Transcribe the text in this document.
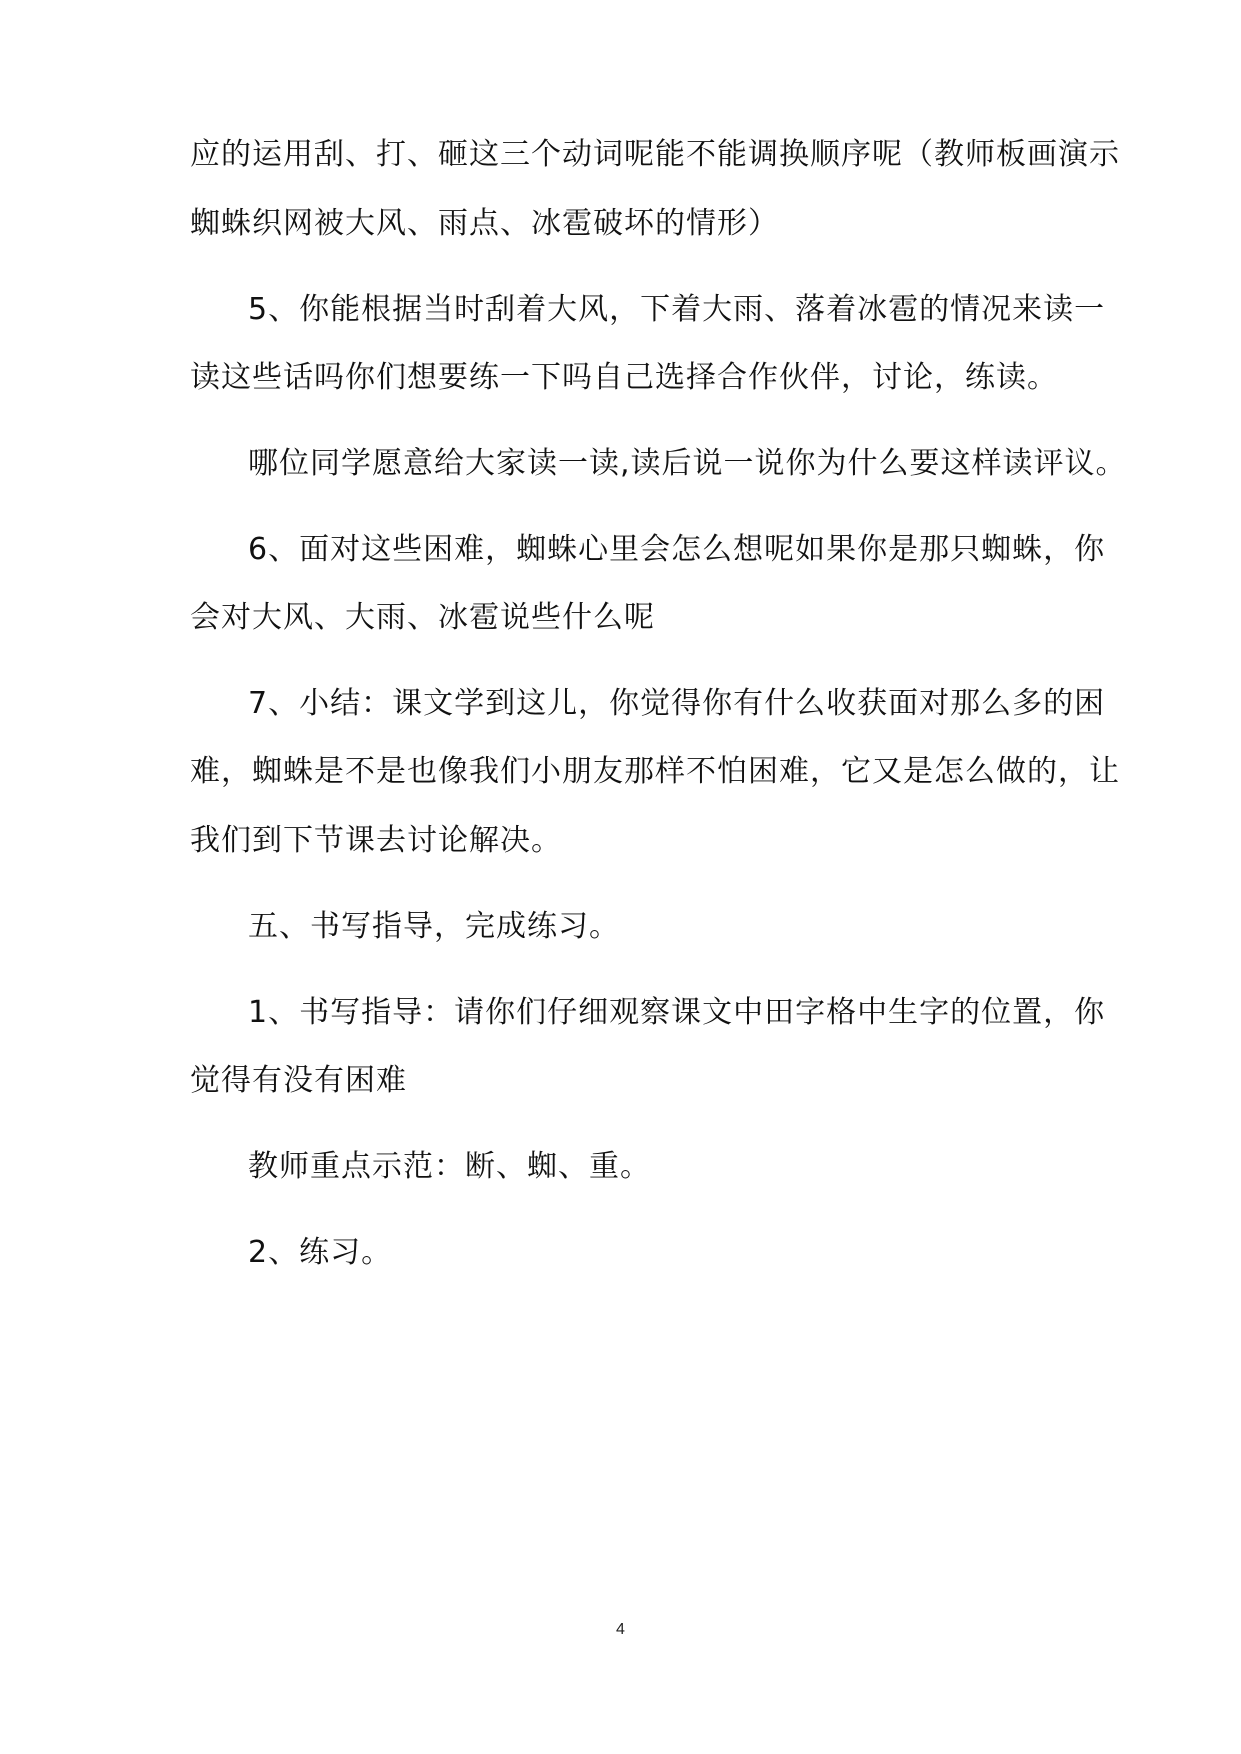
应的运用刮、打、砸这三个动词呢能不能调换顺序呢（教师板画演示
蜘蛛织网被大风、雨点、冰雹破坏的情形）
5、你能根据当时刮着大风，下着大雨、落着冰雹的情况来读一
读这些话吗你们想要练一下吗自己选择合作伙伴，讨论，练读。
哪位同学愿意给大家读一读,读后说一说你为什么要这样读评议。
6、面对这些困难，蜘蛛心里会怎么想呢如果你是那只蜘蛛，你
会对大风、大雨、冰雹说些什么呢
7、小结：课文学到这儿，你觉得你有什么收获面对那么多的困
难，蜘蛛是不是也像我们小朋友那样不怕困难，它又是怎么做的，让
我们到下节课去讨论解决。
五、书写指导，完成练习。
1、书写指导：请你们仔细观察课文中田字格中生字的位置，你
觉得有没有困难
教师重点示范：断、蜘、重。
2、练习。
4
